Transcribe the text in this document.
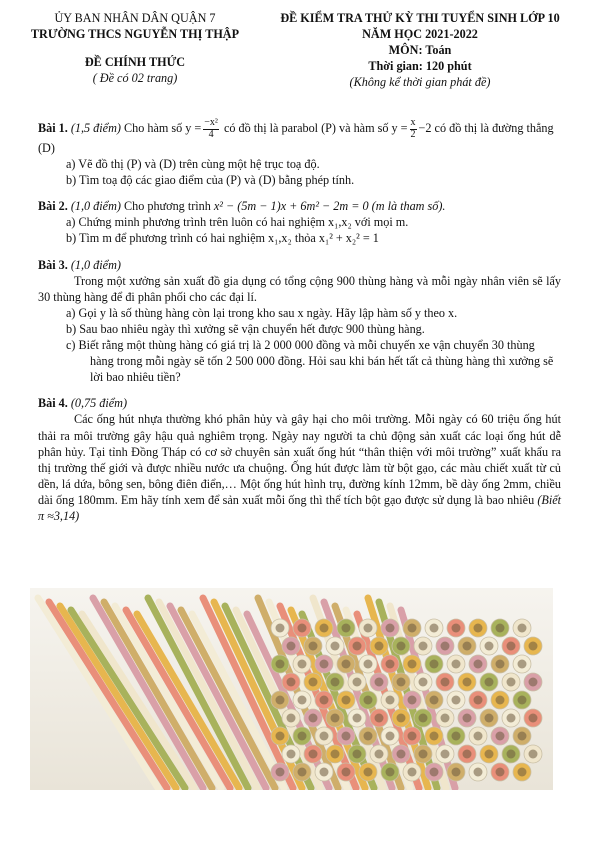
ỦY BAN NHÂN DÂN QUẬN 7
TRƯỜNG THCS NGUYỄN THỊ THẬP
ĐỀ CHÍNH THỨC
( Đề có 02 trang)
ĐỀ KIỂM TRA THỬ KỲ THI TUYỂN SINH LỚP 10
NĂM HỌC 2021-2022
MÔN: Toán
Thời gian: 120 phút
(Không kể thời gian phát đề)

Bài 1. (1,5 điểm) Cho hàm số $y = \frac{\text{−x²}}{4}$ có đồ thị là parabol (P) và hàm số $y = \frac{x}{2} -2$ có đồ thị là đường thẳng (D)

a) Vẽ đồ thị (P) và (D) trên cùng một hệ trục toạ độ.

b) Tìm toạ độ các giao điểm của (P) và (D) bằng phép tính.

Bài 2. (1,0 điểm) Cho phương trình x² − (5m − 1)x + 6m² − 2m = 0 (m là tham số).

a) Chứng minh phương trình trên luôn có hai nghiệm x₁,x₂ với mọi m.

b) Tìm m để phương trình có hai nghiệm x₁,x₂ thỏa x₁² + x₂² = 1

Bài 3. (1,0 điểm)

Trong một xưởng sản xuất đồ gia dụng có tổng cộng 900 thùng hàng và mỗi ngày nhân viên sẽ lấy 30 thùng hàng để đi phân phối cho các đại lí.

a) Gọi y là số thùng hàng còn lại trong kho sau x ngày. Hãy lập hàm số y theo x.

b) Sau bao nhiêu ngày thì xưởng sẽ vận chuyển hết được 900 thùng hàng.

c) Biết rằng một thùng hàng có giá trị là 2 000 000 đồng và mỗi chuyến xe vận chuyển 30 thùng hàng trong mỗi ngày sẽ tốn 2 500 000 đồng. Hỏi sau khi bán hết tất cả thùng hàng thì xưởng sẽ lời bao nhiêu tiền?

Bài 4. (0,75 điểm)

Các ống hút nhựa thường khó phân hủy và gây hại cho môi trường. Mỗi ngày có 60 triệu ống hút thải ra môi trường gây hậu quả nghiêm trọng. Ngày nay người ta chủ động sản xuất các loại ống hút dễ phân hủy. Tại tỉnh Đồng Tháp có cơ sở chuyên sản xuất ống hút “thân thiện với môi trường” xuất khẩu ra thị trường thế giới và được nhiều nước ưa chuộng. Ống hút được làm từ bột gạo, các màu chiết xuất từ củ dền, lá dứa, bông sen, bông điên điển,… Một ống hút hình trụ, đường kính 12mm, bề dày ống 2mm, chiều dài ống 180mm. Em hãy tính xem để sản xuất mỗi ống thì thể tích bột gạo được sử dụng là bao nhiêu (Biết π ≈3,14)
